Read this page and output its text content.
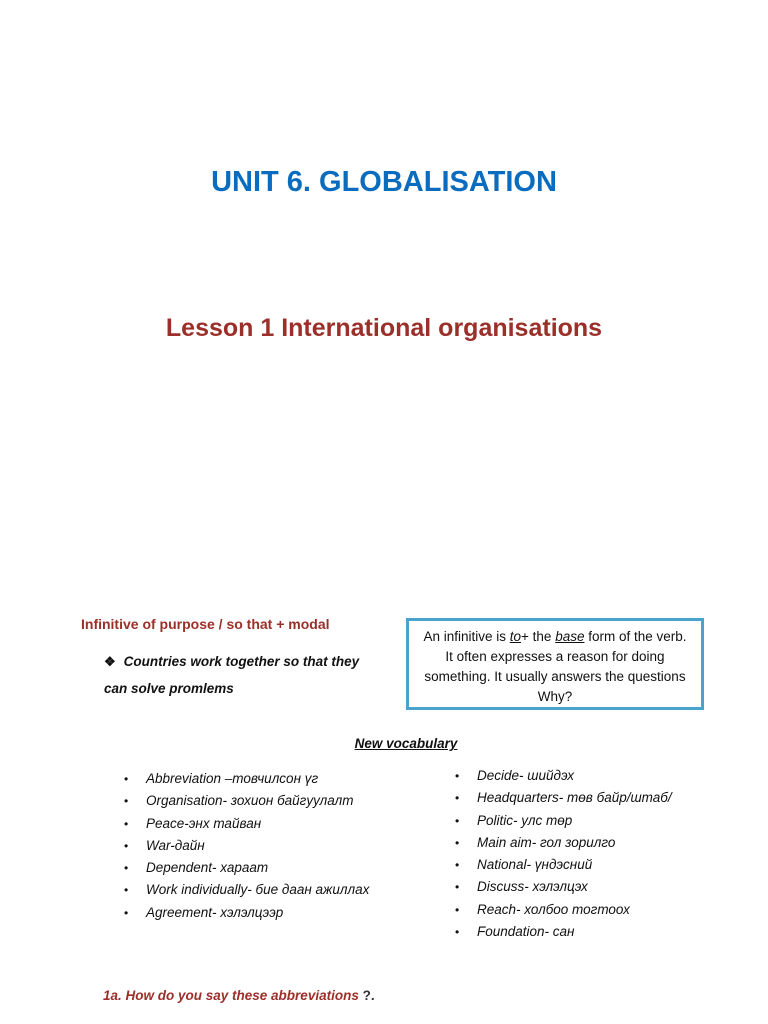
UNIT 6. GLOBALISATION
Lesson 1 International organisations
Infinitive of purpose / so that + modal
❖ Countries work together so that they
can solve promlems
An infinitive is to+ the base form of the verb. It often expresses a reason for doing something. It usually answers the questions Why?
New vocabulary
• Abbreviation –товчилсон үг
• Organisation- зохион байгуулалт
• Peace-энх тайван
• War-дайн
• Dependent- хараат
• Work individually- бие даан ажиллах
• Agreement- хэлэлцээр
• Decide- шийдэх
• Headquarters- төв байр/штаб/
• Politic- улс төр
• Main aim- гол зорилго
• National- үндэсний
• Discuss- хэлэлцэх
• Reach- холбоо тогтоох
• Foundation- сан
1a. How do you say these abbreviations ?.
